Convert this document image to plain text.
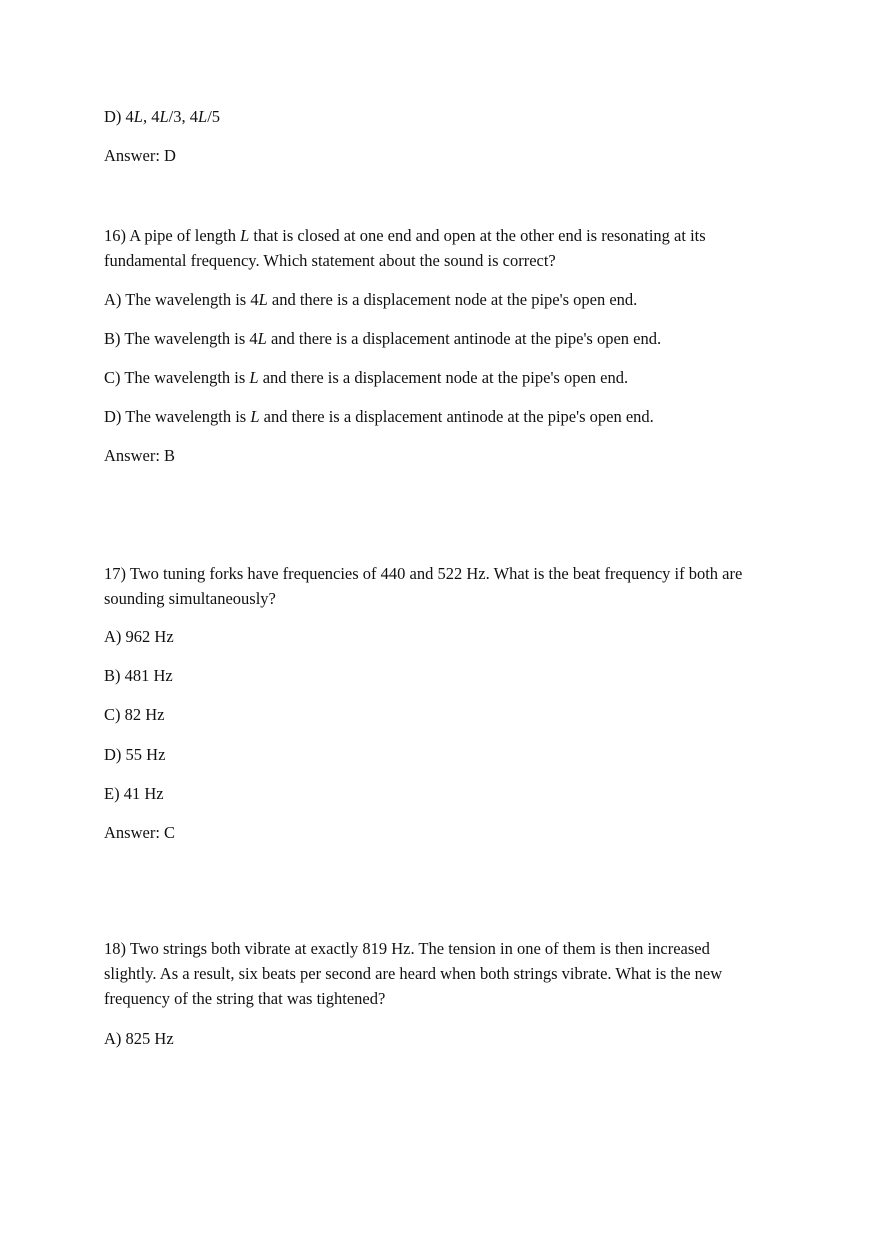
D) 4L, 4L/3, 4L/5

Answer: D

16) A pipe of length L that is closed at one end and open at the other end is resonating at its

fundamental frequency. Which statement about the sound is correct?

A) The wavelength is 4L and there is a displacement node at the pipe's open end.

B) The wavelength is 4L and there is a displacement antinode at the pipe's open end.

C) The wavelength is L and there is a displacement node at the pipe's open end.

D) The wavelength is L and there is a displacement antinode at the pipe's open end.

Answer: B

17) Two tuning forks have frequencies of 440 and 522 Hz. What is the beat frequency if both are

sounding simultaneously?

A) 962 Hz

B) 481 Hz

C) 82 Hz

D) 55 Hz

E) 41 Hz

Answer: C

18) Two strings both vibrate at exactly 819 Hz. The tension in one of them is then increased

slightly. As a result, six beats per second are heard when both strings vibrate. What is the new

frequency of the string that was tightened?

A) 825 Hz
